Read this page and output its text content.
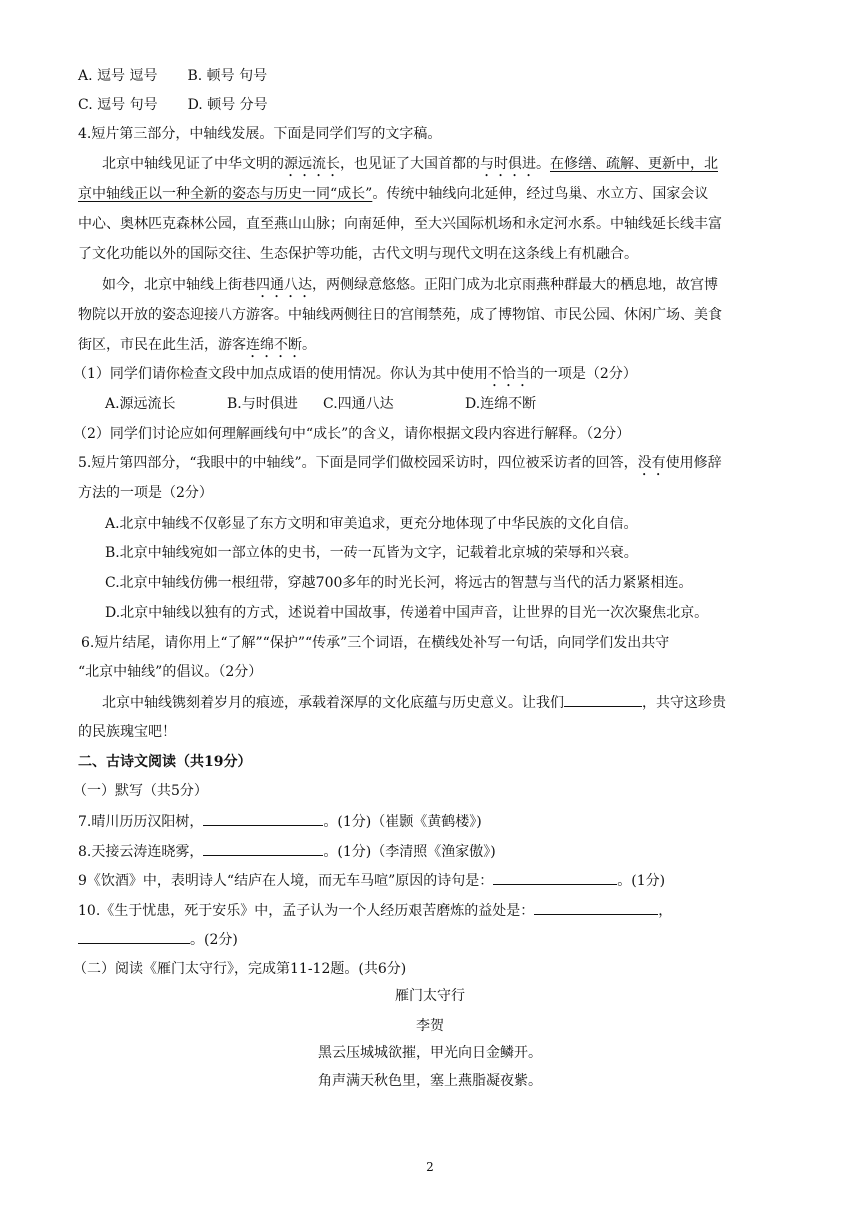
A. 逗号 逗号 B. 顿号 句号
C. 逗号 句号 D. 顿号 分号
4.短片第三部分，中轴线发展。下面是同学们写的文字稿。
北京中轴线见证了中华文明的源远流长，也见证了大国首都的与时俱进。在修缮、疏解、更新中，北
京中轴线正以一种全新的姿态与历史一同“成长”。传统中轴线向北延伸，经过鸟巢、水立方、国家会议
中心、奥林匹克森林公园，直至燕山山脉；向南延伸，至大兴国际机场和永定河水系。中轴线延长线丰富
了文化功能以外的国际交往、生态保护等功能，古代文明与现代文明在这条线上有机融合。
如今，北京中轴线上街巷四通八达，两侧绿意悠悠。正阳门成为北京雨燕种群最大的栖息地，故宫博
物院以开放的姿态迎接八方游客。中轴线两侧往日的宫闱禁苑，成了博物馆、市民公园、休闲广场、美食
街区，市民在此生活，游客连绵不断。
（1）同学们请你检查文段中加点成语的使用情况。你认为其中使用不恰当的一项是（2分）
A.源远流长	B.与时俱进 C.四通八达	D.连绵不断
（2）同学们讨论应如何理解画线句中“成长”的含义，请你根据文段内容进行解释。（2分）
5.短片第四部分，“我眼中的中轴线”。下面是同学们做校园采访时，四位被采访者的回答，没有使用修辞
方法的一项是（2分）
A.北京中轴线不仅彰显了东方文明和审美追求，更充分地体现了中华民族的文化自信。
B.北京中轴线宛如一部立体的史书，一砖一瓦皆为文字，记载着北京城的荣辱和兴衰。
C.北京中轴线仿佛一根纽带，穿越700多年的时光长河，将远古的智慧与当代的活力紧紧相连。
D.北京中轴线以独有的方式，述说着中国故事，传递着中国声音，让世界的目光一次次聚焦北京。
6.短片结尾，请你用上“了解”“保护”“传承”三个词语，在横线处补写一句话，向同学们发出共守
“北京中轴线”的倡议。（2分）
北京中轴线镌刻着岁月的痕迹，承载着深厚的文化底蕴与历史意义。让我们	，共守这珍贵
的民族瑰宝吧！
二、古诗文阅读（共19分）
（一）默写（共5分）
7.晴川历历汉阳树，	。(1分)（崔颢《黄鹤楼》)
8.天接云涛连晓雾，	。(1分)（李清照《渔家傲》)
9《饮酒》中，表明诗人“结庐在人境，而无车马喧”原因的诗句是：	。(1分)
10.《生于忧患，死于安乐》中，孟子认为一个人经历艰苦磨炼的益处是：	，
。(2分)
（二）阅读《雁门太守行》，完成第11-12题。(共6分)
雁门太守行
李贺
黑云压城城欲摧，甲光向日金鳞开。
角声满天秋色里，塞上燕脂凝夜紫。
2
